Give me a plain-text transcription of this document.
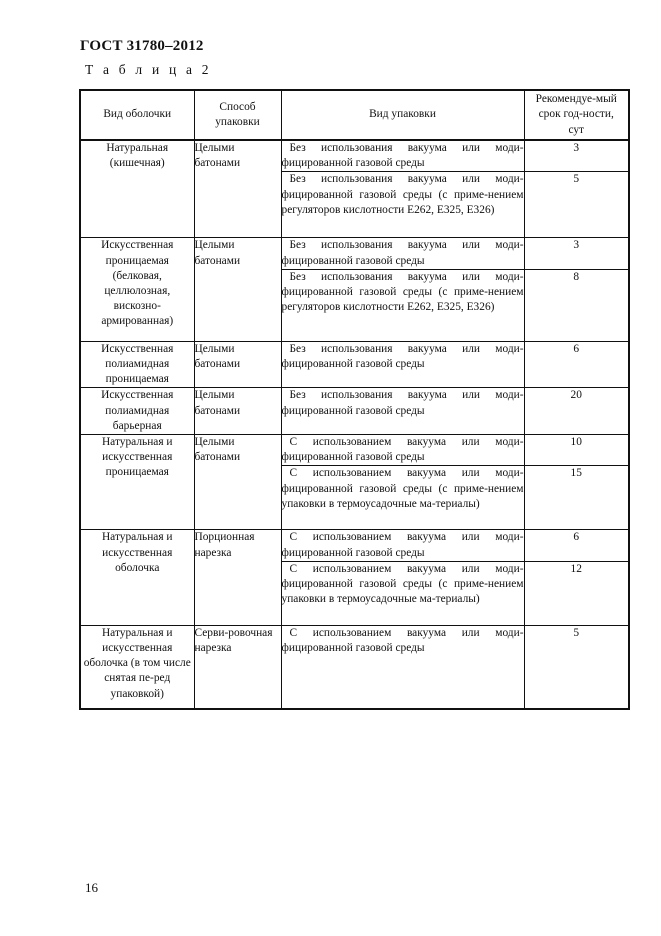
ГОСТ 31780–2012
Т а б л и ц а 2
Вид оболочки	Способ упаковки	Вид упаковки	Рекомендуе-мый срок год-ности, сут
Натуральная (кишечная)	Целыми батонами	Без использования вакуума или моди-фицированной газовой среды	3
		Без использования вакуума или моди-фицированной газовой среды (с приме-нением регуляторов кислотности Е262, Е325, Е326)	5
Искусственная проницаемая (белковая, целлюлозная, вискозно-армированная)	Целыми батонами	Без использования вакуума или моди-фицированной газовой среды	3
		Без использования вакуума или моди-фицированной газовой среды (с приме-нением регуляторов кислотности Е262, Е325, Е326)	8
Искусственная полиамидная проницаемая	Целыми батонами	Без использования вакуума или моди-фицированной газовой среды	6
Искусственная полиамидная барьерная	Целыми батонами	Без использования вакуума или моди-фицированной газовой среды	20
Натуральная и искусственная проницаемая	Целыми батонами	С использованием вакуума или моди-фицированной газовой среды	10
		С использованием вакуума или моди-фицированной газовой среды (с приме-нением упаковки в термоусадочные ма-териалы)	15
Натуральная и искусственная оболочка	Порционная нарезка	С использованием вакуума или моди-фицированной газовой среды	6
		С использованием вакуума или моди-фицированной газовой среды (с приме-нением упаковки в термоусадочные ма-териалы)	12
Натуральная и искусственная оболочка (в том числе снятая пе-ред упаковкой)	Серви-ровочная нарезка	С использованием вакуума или моди-фицированной газовой среды	5
16
